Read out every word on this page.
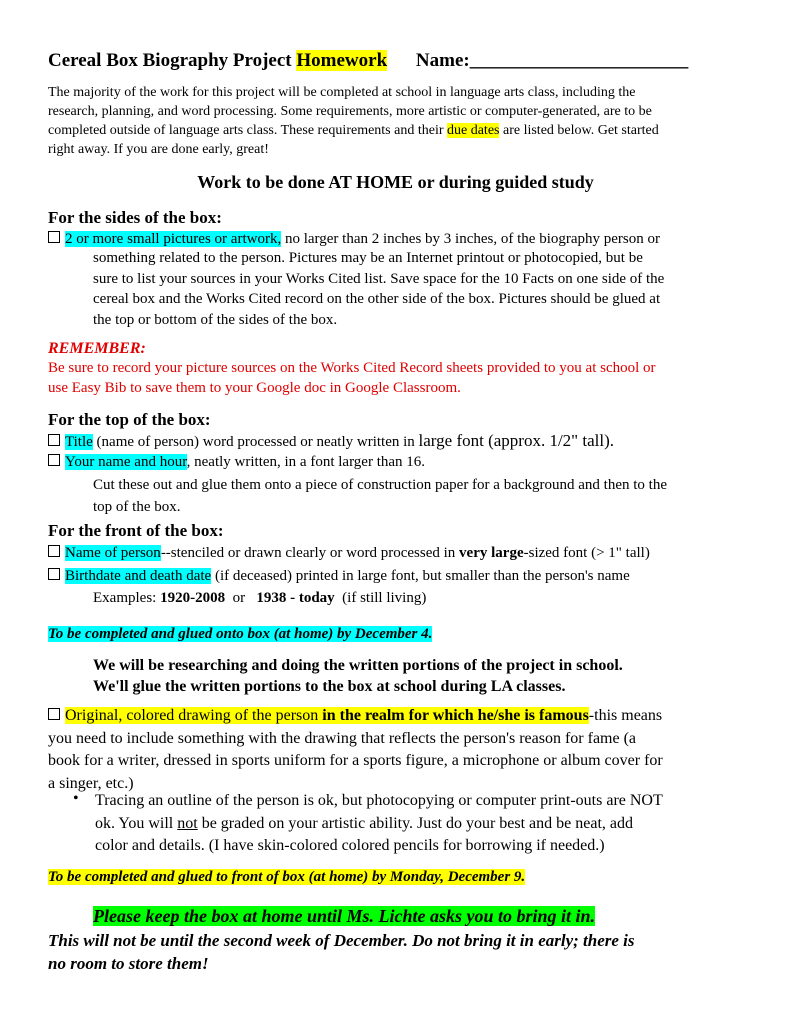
Cereal Box Biography Project Homework Name:_______________________
The majority of the work for this project will be completed at school in language arts class, including the
research, planning, and word processing. Some requirements, more artistic or computer-generated, are to be
completed outside of language arts class. These requirements and their due dates are listed below. Get started
right away. If you are done early, great!
Work to be done AT HOME or during guided study
For the sides of the box:
2 or more small pictures or artwork, no larger than 2 inches by 3 inches, of the biography person or
something related to the person. Pictures may be an Internet printout or photocopied, but be
sure to list your sources in your Works Cited list. Save space for the 10 Facts on one side of the
cereal box and the Works Cited record on the other side of the box. Pictures should be glued at
the top or bottom of the sides of the box.
REMEMBER:
Be sure to record your picture sources on the Works Cited Record sheets provided to you at school or
use Easy Bib to save them to your Google doc in Google Classroom.
For the top of the box:
Title (name of person) word processed or neatly written in large font (approx. 1/2" tall).
Your name and hour, neatly written, in a font larger than 16.
Cut these out and glue them onto a piece of construction paper for a background and then to the
top of the box.
For the front of the box:
Name of person--stenciled or drawn clearly or word processed in very large-sized font (> 1" tall)
Birthdate and death date (if deceased) printed in large font, but smaller than the person's name
Examples: 1920-2008  or   1938 - today  (if still living)
To be completed and glued onto box (at home) by December 4.
We will be researching and doing the written portions of the project in school.
We'll glue the written portions to the box at school during LA classes.
Original, colored drawing of the person in the realm for which he/she is famous-this means
you need to include something with the drawing that reflects the person's reason for fame (a
book for a writer, dressed in sports uniform for a sports figure, a microphone or album cover for
a singer, etc.)
• Tracing an outline of the person is ok, but photocopying or computer print-outs are NOT
ok. You will not be graded on your artistic ability. Just do your best and be neat, add
color and details. (I have skin-colored colored pencils for borrowing if needed.)
To be completed and glued to front of box (at home) by Monday, December 9.
Please keep the box at home until Ms. Lichte asks you to bring it in.
This will not be until the second week of December. Do not bring it in early; there is
no room to store them!
